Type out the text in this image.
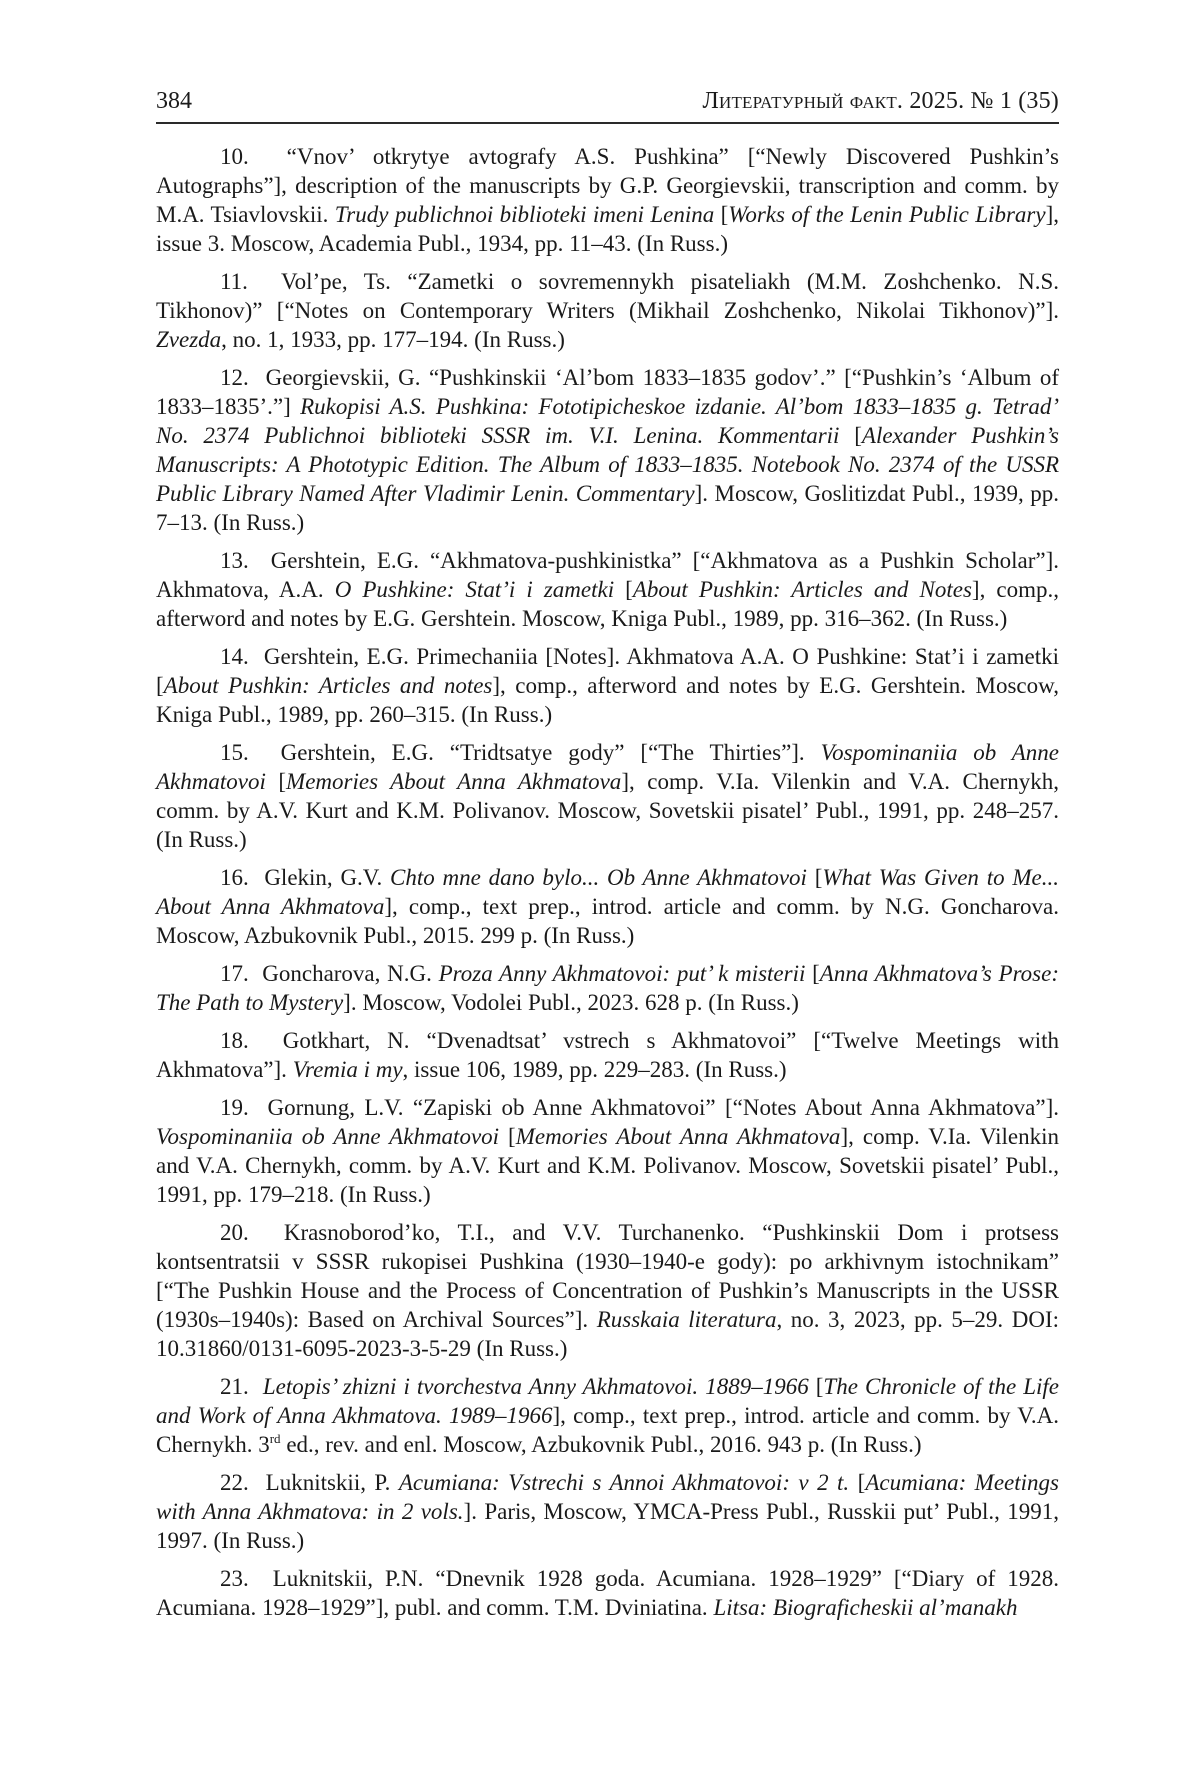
384	Литературный факт. 2025. № 1 (35)

10. “Vnov’ otkrytye avtografy A.S. Pushkina” [“Newly Discovered Pushkin’s Autographs”], description of the manuscripts by G.P. Georgievskii, transcription and comm. by M.A. Tsiavlovskii. Trudy publichnoi biblioteki imeni Lenina [Works of the Lenin Public Library], issue 3. Moscow, Academia Publ., 1934, pp. 11–43. (In Russ.)

11. Vol’pe, Ts. “Zametki o sovremennykh pisateliakh (M.M. Zoshchenko. N.S. Tikhonov)” [“Notes on Contemporary Writers (Mikhail Zoshchenko, Nikolai Tikhonov)”]. Zvezda, no. 1, 1933, pp. 177–194. (In Russ.)

12. Georgievskii, G. “Pushkinskii ‘Al’bom 1833–1835 godov’.” [“Pushkin’s ‘Album of 1833–1835’.”] Rukopisi A.S. Pushkina: Fototipicheskoe izdanie. Al’bom 1833–1835 g. Tetrad’ No. 2374 Publichnoi biblioteki SSSR im. V.I. Lenina. Kommentarii [Alexander Pushkin’s Manuscripts: A Phototypic Edition. The Album of 1833–1835. Notebook No. 2374 of the USSR Public Library Named After Vladimir Lenin. Commentary]. Moscow, Goslitizdat Publ., 1939, pp. 7–13. (In Russ.)

13. Gershtein, E.G. “Akhmatova-pushkinistka” [“Akhmatova as a Pushkin Scholar”]. Akhmatova, A.A. O Pushkine: Stat’i i zametki [About Pushkin: Articles and Notes], comp., afterword and notes by E.G. Gershtein. Moscow, Kniga Publ., 1989, pp. 316–362. (In Russ.)

14. Gershtein, E.G. Primechaniia [Notes]. Akhmatova A.A. O Pushkine: Stat’i i zametki [About Pushkin: Articles and notes], comp., afterword and notes by E.G. Gershtein. Moscow, Kniga Publ., 1989, pp. 260–315. (In Russ.)

15. Gershtein, E.G. “Tridtsatye gody” [“The Thirties”]. Vospominaniia ob Anne Akhmatovoi [Memories About Anna Akhmatova], comp. V.Ia. Vilenkin and V.A. Chernykh, comm. by A.V. Kurt and K.M. Polivanov. Moscow, Sovetskii pisatel’ Publ., 1991, pp. 248–257. (In Russ.)

16. Glekin, G.V. Chto mne dano bylo... Ob Anne Akhmatovoi [What Was Given to Me... About Anna Akhmatova], comp., text prep., introd. article and comm. by N.G. Goncharova. Moscow, Azbukovnik Publ., 2015. 299 p. (In Russ.)

17. Goncharova, N.G. Proza Anny Akhmatovoi: put’ k misterii [Anna Akhmatova’s Prose: The Path to Mystery]. Moscow, Vodolei Publ., 2023. 628 p. (In Russ.)

18. Gotkhart, N. “Dvenadtsat’ vstrech s Akhmatovoi” [“Twelve Meetings with Akhmatova”]. Vremia i my, issue 106, 1989, pp. 229–283. (In Russ.)

19. Gornung, L.V. “Zapiski ob Anne Akhmatovoi” [“Notes About Anna Akhmatova”]. Vospominaniia ob Anne Akhmatovoi [Memories About Anna Akhmatova], comp. V.Ia. Vilenkin and V.A. Chernykh, comm. by A.V. Kurt and K.M. Polivanov. Moscow, Sovetskii pisatel’ Publ., 1991, pp. 179–218. (In Russ.)

20. Krasnoborod’ko, T.I., and V.V. Turchanenko. “Pushkinskii Dom i protsess kontsentratsii v SSSR rukopisei Pushkina (1930–1940-e gody): po arkhivnym istochnikam” [“The Pushkin House and the Process of Concentration of Pushkin’s Manuscripts in the USSR (1930s–1940s): Based on Archival Sources”]. Russkaia literatura, no. 3, 2023, pp. 5–29. DOI: 10.31860/0131-6095-2023-3-5-29 (In Russ.)

21. Letopis’ zhizni i tvorchestva Anny Akhmatovoi. 1889–1966 [The Chronicle of the Life and Work of Anna Akhmatova. 1989–1966], comp., text prep., introd. article and comm. by V.A. Chernykh. 3rd ed., rev. and enl. Moscow, Azbukovnik Publ., 2016. 943 p. (In Russ.)

22. Luknitskii, P. Acumiana: Vstrechi s Annoi Akhmatovoi: v 2 t. [Acumiana: Meetings with Anna Akhmatova: in 2 vols.]. Paris, Moscow, YMCA-Press Publ., Russkii put’ Publ., 1991, 1997. (In Russ.)

23. Luknitskii, P.N. “Dnevnik 1928 goda. Acumiana. 1928–1929” [“Diary of 1928. Acumiana. 1928–1929”], publ. and comm. T.M. Dviniatina. Litsa: Biograficheskii al’manakh
